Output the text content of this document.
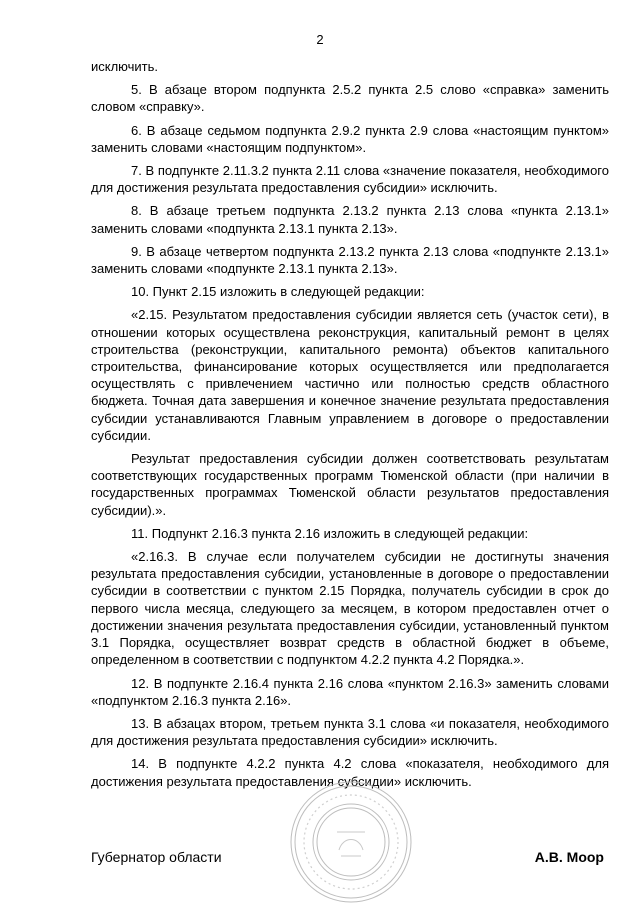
2

исключить.

5. В абзаце втором подпункта 2.5.2 пункта 2.5 слово «справка» заменить словом «справку».

6. В абзаце седьмом подпункта 2.9.2 пункта 2.9 слова «настоящим пунктом» заменить словами «настоящим подпунктом».

7. В подпункте 2.11.3.2 пункта 2.11 слова «значение показателя, необходимого для достижения результата предоставления субсидии» исключить.

8. В абзаце третьем подпункта 2.13.2 пункта 2.13 слова «пункта 2.13.1» заменить словами «подпункта 2.13.1 пункта 2.13».

9. В абзаце четвертом подпункта 2.13.2 пункта 2.13 слова «подпункте 2.13.1» заменить словами «подпункте 2.13.1 пункта 2.13».

10. Пункт 2.15 изложить в следующей редакции:

«2.15. Результатом предоставления субсидии является сеть (участок сети), в отношении которых осуществлена реконструкция, капитальный ремонт в целях строительства (реконструкции, капитального ремонта) объектов капитального строительства, финансирование которых осуществляется или предполагается осуществлять с привлечением частично или полностью средств областного бюджета. Точная дата завершения и конечное значение результата предоставления субсидии устанавливаются Главным управлением в договоре о предоставлении субсидии.

Результат предоставления субсидии должен соответствовать результатам соответствующих государственных программ Тюменской области (при наличии в государственных программах Тюменской области результатов предоставления субсидии).».

11. Подпункт 2.16.3 пункта 2.16 изложить в следующей редакции:

«2.16.3. В случае если получателем субсидии не достигнуты значения результата предоставления субсидии, установленные в договоре о предоставлении субсидии в соответствии с пунктом 2.15 Порядка, получатель субсидии в срок до первого числа месяца, следующего за месяцем, в котором предоставлен отчет о достижении значения результата предоставления субсидии, установленный пунктом 3.1 Порядка, осуществляет возврат средств в областной бюджет в объеме, определенном в соответствии с подпунктом 4.2.2 пункта 4.2 Порядка.».

12. В подпункте 2.16.4 пункта 2.16 слова «пунктом 2.16.3» заменить словами «подпунктом 2.16.3 пункта 2.16».

13. В абзацах втором, третьем пункта 3.1 слова «и показателя, необходимого для достижения результата предоставления субсидии» исключить.

14. В подпункте 4.2.2 пункта 4.2 слова «показателя, необходимого для достижения результата предоставления субсидии» исключить.

Губернатор области	А.В. Моор
